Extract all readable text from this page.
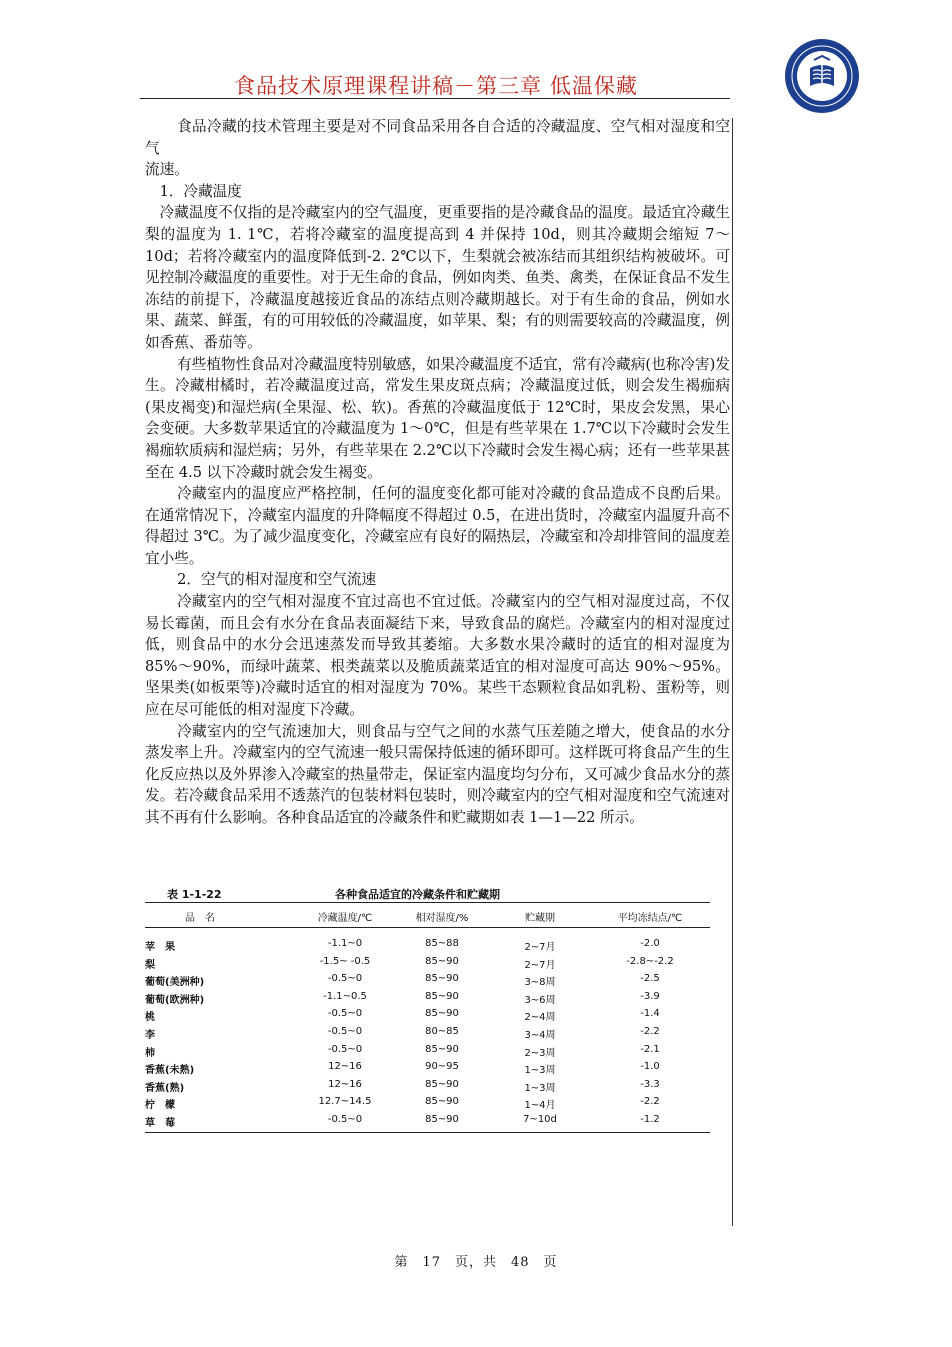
食品技术原理课程讲稿－第三章 低温保藏

食品冷藏的技术管理主要是对不同食品采用各自合适的冷藏温度、空气相对湿度和空气

流速。

1．冷藏温度

冷藏温度不仅指的是冷藏室内的空气温度，更重要指的是冷藏食品的温度。最适宜冷藏生梨的温度为 1. 1℃，若将冷藏室的温度提高到 4 并保持 10d，则其冷藏期会缩短 7～10d；若将冷藏室内的温度降低到-2. 2℃以下，生梨就会被冻结而其组织结构被破坏。可见控制冷藏温度的重要性。对于无生命的食品，例如肉类、鱼类、禽类，在保证食品不发生冻结的前提下，冷藏温度越接近食品的冻结点则冷藏期越长。对于有生命的食品，例如水果、蔬菜、鲜蛋，有的可用较低的冷藏温度，如苹果、梨；有的则需要较高的冷藏温度，例如香蕉、番茄等。

有些植物性食品对冷藏温度特别敏感，如果冷藏温度不适宜，常有冷藏病(也称冷害)发生。冷藏柑橘时，若冷藏温度过高，常发生果皮斑点病；冷藏温度过低，则会发生褐痂病(果皮褐变)和湿烂病(全果湿、松、软)。香蕉的冷藏温度低于 12℃时，果皮会发黑，果心会变硬。大多数苹果适宜的冷藏温度为 1～0℃，但是有些苹果在 1.7℃以下冷藏时会发生褐痂软质病和湿烂病；另外，有些苹果在 2.2℃以下冷藏时会发生褐心病；还有一些苹果甚至在 4.5 以下冷藏时就会发生褐变。

冷藏室内的温度应严格控制，任何的温度变化都可能对冷藏的食品造成不良酌后果。在通常情况下，冷藏室内温度的升降幅度不得超过 0.5，在进出货时，冷藏室内温厦升高不得超过 3℃。为了减少温度变化，冷藏室应有良好的隔热层，冷藏室和冷却排管间的温度差宜小些。

2．空气的相对湿度和空气流速

冷藏室内的空气相对湿度不宜过高也不宜过低。冷藏室内的空气相对湿度过高，不仅易长霉菌，而且会有水分在食品表面凝结下来，导致食品的腐烂。冷藏室内的相对湿度过低，则食品中的水分会迅速蒸发而导致其萎缩。大多数水果冷藏时的适宜的相对湿度为 85%～90%，而绿叶蔬菜、根类蔬菜以及脆质蔬菜适宜的相对湿度可高达 90%～95%。坚果类(如板栗等)冷藏时适宜的相对湿度为 70%。某些干态颗粒食品如乳粉、蛋粉等，则应在尽可能低的相对湿度下冷藏。

冷藏室内的空气流速加大，则食品与空气之间的水蒸气压差随之增大，使食品的水分蒸发率上升。冷藏室内的空气流速一般只需保持低速的循环即可。这样既可将食品产生的生化反应热以及外界渗入冷藏室的热量带走，保证室内温度均匀分布，又可减少食品水分的蒸发。若冷藏食品采用不透蒸汽的包装材料包装时，则冷藏室内的空气相对湿度和空气流速对其不再有什么影响。各种食品适宜的冷藏条件和贮藏期如表 1—1—22 所示。

表 1-1-22	各种食品适宜的冷藏条件和贮藏期
品　名	冷藏温度/℃	相对湿度/%	贮藏期	平均冻结点/℃
苹　果	-1.1~0	85~88	2~7月	-2.0
梨	-1.5~ -0.5	85~90	2~7月	-2.8~-2.2
葡萄(美洲种)	-0.5~0	85~90	3~8周	-2.5
葡萄(欧洲种)	-1.1~0.5	85~90	3~6周	-3.9
桃	-0.5~0	85~90	2~4周	-1.4
李	-0.5~0	80~85	3~4周	-2.2
柿	-0.5~0	85~90	2~3周	-2.1
香蕉(未熟)	12~16	90~95	1~3周	-1.0
香蕉(熟)	12~16	85~90	1~3周	-3.3
柠　檬	12.7~14.5	85~90	1~4月	-2.2
草　莓	-0.5~0	85~90	7~10d	-1.2
第　17　页，共　48　页
